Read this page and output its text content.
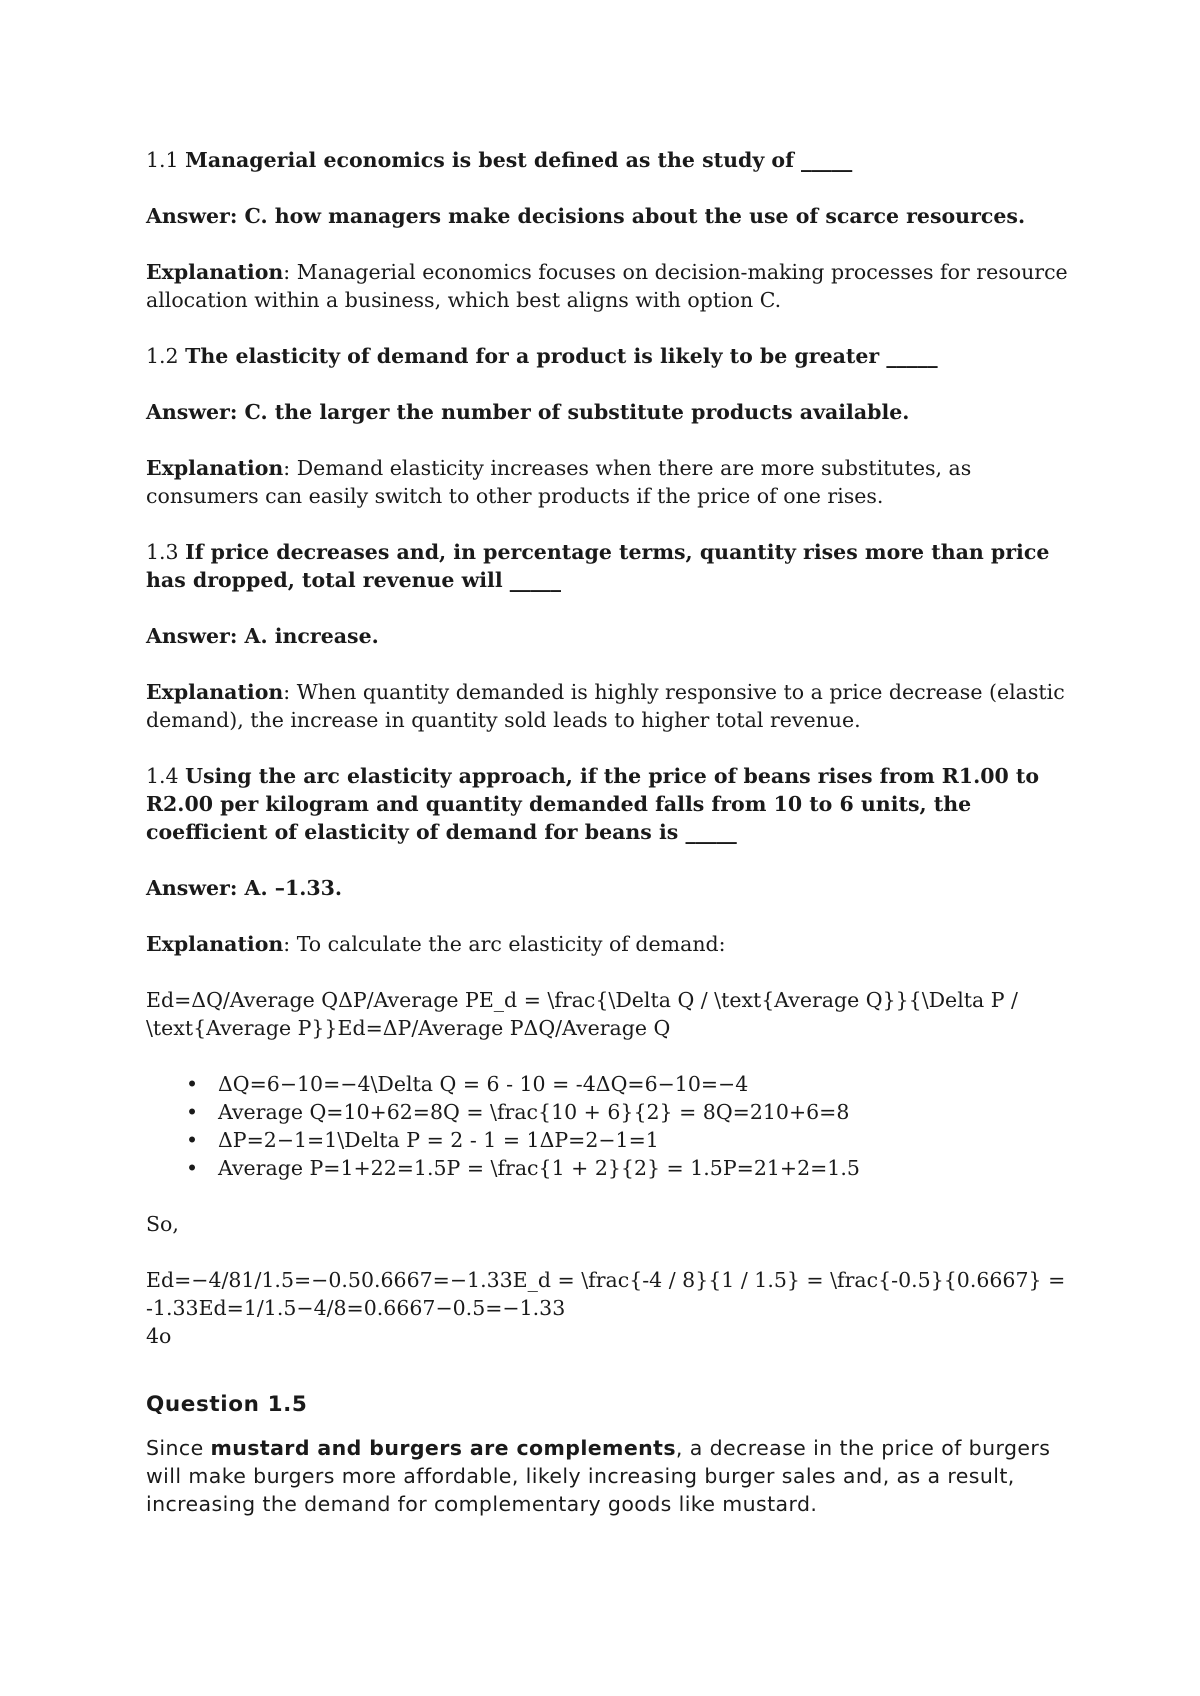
1.1 Managerial economics is best defined as the study of _____

Answer: C. how managers make decisions about the use of scarce resources.

Explanation: Managerial economics focuses on decision-making processes for resource allocation within a business, which best aligns with option C.

1.2 The elasticity of demand for a product is likely to be greater _____

Answer: C. the larger the number of substitute products available.

Explanation: Demand elasticity increases when there are more substitutes, as consumers can easily switch to other products if the price of one rises.

1.3 If price decreases and, in percentage terms, quantity rises more than price has dropped, total revenue will _____

Answer: A. increase.

Explanation: When quantity demanded is highly responsive to a price decrease (elastic demand), the increase in quantity sold leads to higher total revenue.

1.4 Using the arc elasticity approach, if the price of beans rises from R1.00 to R2.00 per kilogram and quantity demanded falls from 10 to 6 units, the coefficient of elasticity of demand for beans is _____

Answer: A. –1.33.

Explanation: To calculate the arc elasticity of demand:

Ed=ΔQ/Average QΔP/Average PE_d = \frac{\Delta Q / \text{Average Q}}{\Delta P / \text{Average P}}Ed=ΔP/Average PΔQ/Average Q

• ΔQ=6−10=−4\Delta Q = 6 - 10 = -4ΔQ=6−10=−4
• Average Q=10+62=8Q = \frac{10 + 6}{2} = 8Q=210+6=8
• ΔP=2−1=1\Delta P = 2 - 1 = 1ΔP=2−1=1
• Average P=1+22=1.5P = \frac{1 + 2}{2} = 1.5P=21+2=1.5

So,

Ed=−4/81/1.5=−0.50.6667=−1.33E_d = \frac{-4 / 8}{1 / 1.5} = \frac{-0.5}{0.6667} = -1.33Ed=1/1.5−4/8=0.6667−0.5=−1.33

4o

Question 1.5

Since mustard and burgers are complements, a decrease in the price of burgers will make burgers more affordable, likely increasing burger sales and, as a result, increasing the demand for complementary goods like mustard.
